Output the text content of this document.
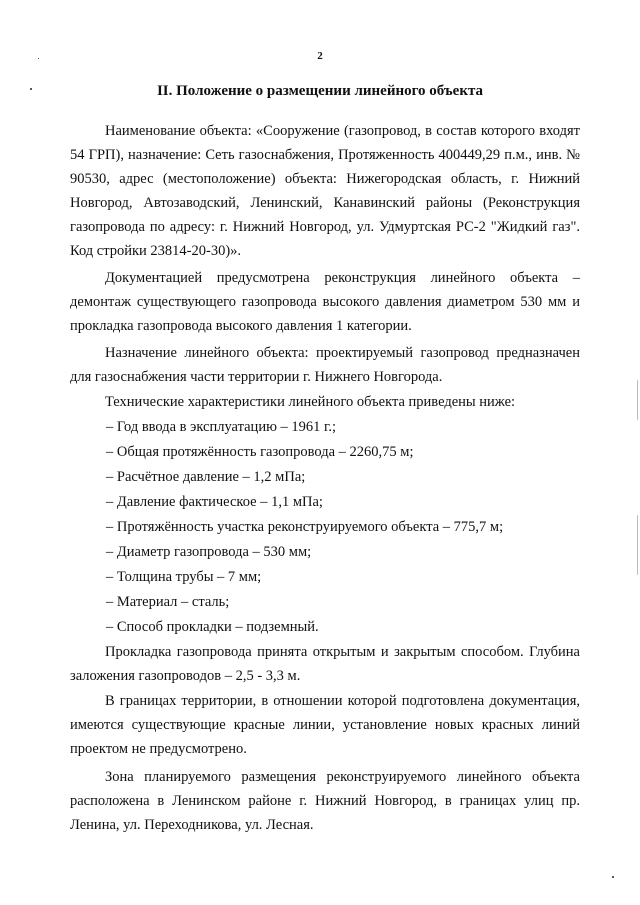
2
II. Положение о размещении линейного объекта
Наименование объекта: «Сооружение (газопровод, в состав которого входят
54 ГРП), назначение: Сеть газоснабжения, Протяженность 400449,29 п.м., инв. №
90530, адрес (местоположение) объекта: Нижегородская область, г. Нижний
Новгород, Автозаводский, Ленинский, Канавинский районы (Реконструкция
газопровода по адресу: г. Нижний Новгород, ул. Удмуртская РС-2 "Жидкий газ".
Код стройки 23814-20-30)».
Документацией предусмотрена реконструкция линейного объекта –
демонтаж существующего газопровода высокого давления диаметром 530 мм и
прокладка газопровода высокого давления 1 категории.
Назначение линейного объекта: проектируемый газопровод предназначен
для газоснабжения части территории г. Нижнего Новгорода.
Технические характеристики линейного объекта приведены ниже:
– Год ввода в эксплуатацию – 1961 г.;
– Общая протяжённость газопровода – 2260,75 м;
– Расчётное давление – 1,2 мПа;
– Давление фактическое – 1,1 мПа;
– Протяжённость участка реконструируемого объекта – 775,7 м;
– Диаметр газопровода – 530 мм;
– Толщина трубы – 7 мм;
– Материал – сталь;
– Способ прокладки – подземный.
Прокладка газопровода принята открытым и закрытым способом. Глубина
заложения газопроводов – 2,5 - 3,3 м.
В границах территории, в отношении которой подготовлена документация,
имеются существующие красные линии, установление новых красных линий
проектом не предусмотрено.
Зона планируемого размещения реконструируемого линейного объекта
расположена в Ленинском районе г. Нижний Новгород, в границах улиц пр.
Ленина, ул. Переходникова, ул. Лесная.
